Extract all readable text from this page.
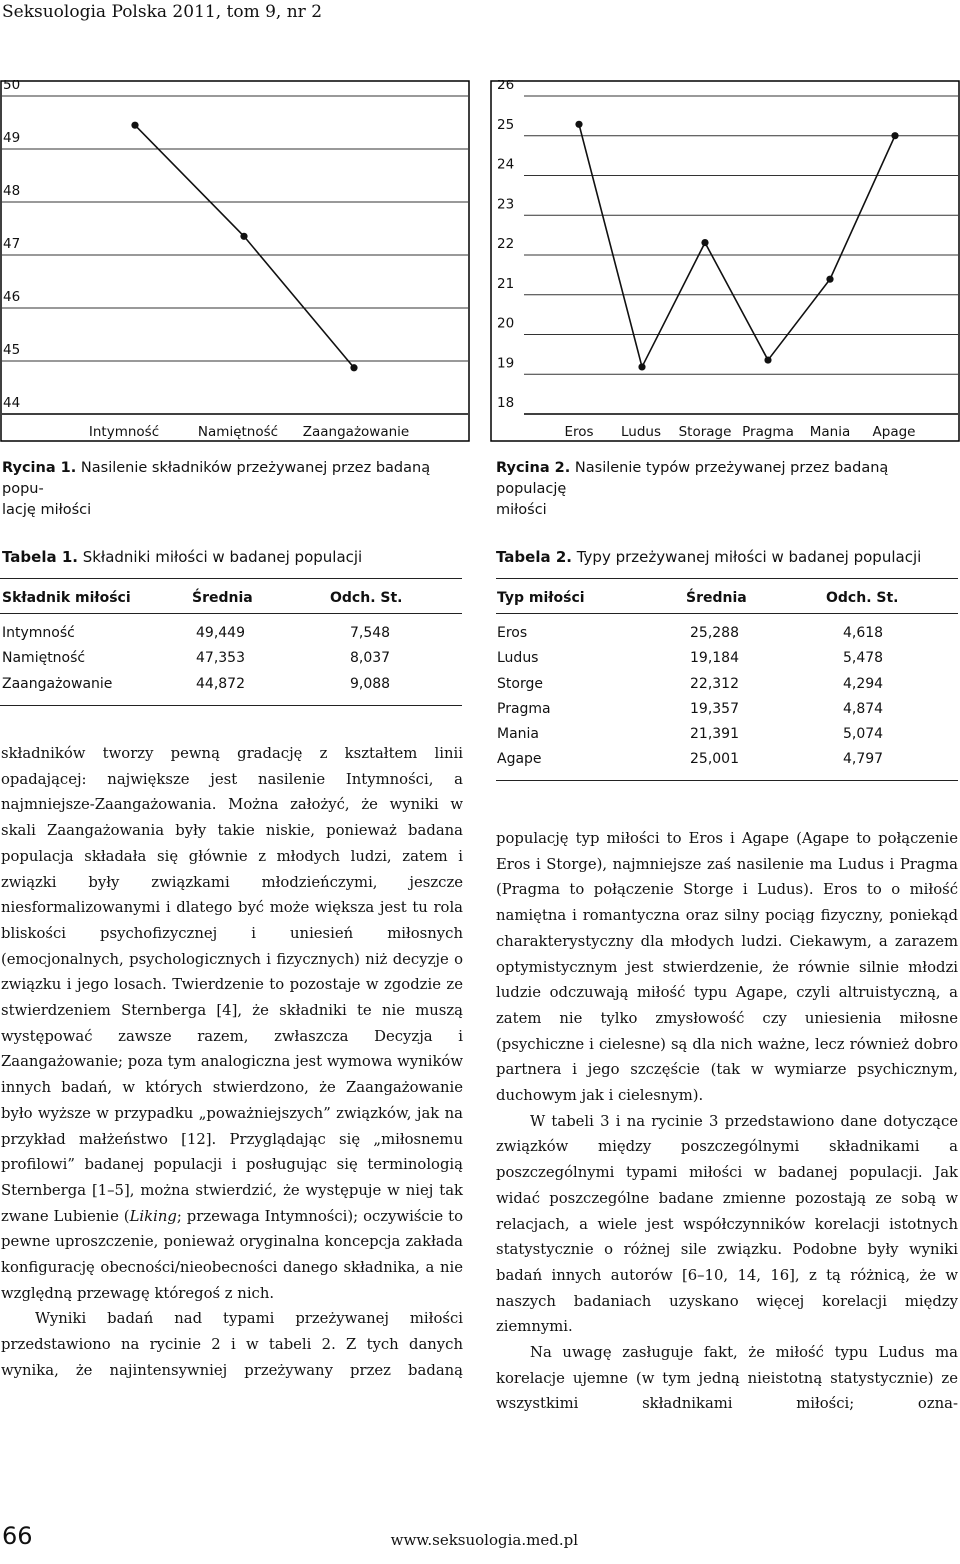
Seksuologia Polska 2011, tom 9, nr 2
44
45
46
47
48
49
50
Intymność	Namiętność Zaangażowanie
18
19
20
21
22
23
24
25
26
Eros Ludus Storage Pragma Mania Apage
Rycina 1. Nasilenie składników przeżywanej przez badaną popu-
lację miłości
Rycina 2. Nasilenie typów przeżywanej przez badaną populację
miłości
Tabela 1. Składniki miłości w badanej populacji
Składnik miłości	Średnia	Odch. St.
Intymność	49,449	7,548
Namiętność	47,353	8,037
Zaangażowanie	44,872	9,088
Tabela 2. Typy przeżywanej miłości w badanej populacji
Typ miłości	Średnia	Odch. St.
Eros	25,288	4,618
Ludus	19,184	5,478
Storge	22,312	4,294
Pragma	19,357	4,874
Mania	21,391	5,074
Agape	25,001	4,797

składników tworzy pewną gradację z kształtem linii opadającej: największe jest nasilenie Intymności, a najmniejsze-Zaangażowania. Można założyć, że wyniki w skali Zaangażowania były takie niskie, ponieważ badana populacja składała się głównie z młodych ludzi, zatem i związki były związkami młodzieńczymi, jeszcze niesformalizowanymi i dlatego być może większa jest tu rola bliskości psychofizycznej i uniesień miłosnych (emocjonalnych, psychologicznych i fizycznych) niż decyzje o związku i jego losach. Twierdzenie to pozostaje w zgodzie ze stwierdzeniem Sternberga [4], że składniki te nie muszą występować zawsze razem, zwłaszcza Decyzja i Zaangażowanie; poza tym analogiczna jest wymowa wyników innych badań, w których stwierdzono, że Zaangażowanie było wyższe w przypadku „poważniejszych” związków, jak na przykład małżeństwo [12]. Przyglądając się „miłosnemu profilowi” badanej populacji i posługując się terminologią Sternberga [1–5], można stwierdzić, że występuje w niej tak zwane Lubienie (Liking; przewaga Intymności); oczywiście to pewne uproszczenie, ponieważ oryginalna koncepcja zakłada konfigurację obecności/nieobecności danego składnika, a nie względną przewagę któregoś z nich.

Wyniki badań nad typami przeżywanej miłości przedstawiono na rycinie 2 i w tabeli 2. Z tych danych wynika, że najintensywniej przeżywany przez badaną

populację typ miłości to Eros i Agape (Agape to połączenie Eros i Storge), najmniejsze zaś nasilenie ma Ludus i Pragma (Pragma to połączenie Storge i Ludus). Eros to o miłość namiętna i romantyczna oraz silny pociąg fizyczny, poniekąd charakterystyczny dla młodych ludzi. Ciekawym, a zarazem optymistycznym jest stwierdzenie, że równie silnie młodzi ludzie odczuwają miłość typu Agape, czyli altruistyczną, a zatem nie tylko zmysłowość czy uniesienia miłosne (psychiczne i cielesne) są dla nich ważne, lecz również dobro partnera i jego szczęście (tak w wymiarze psychicznym, duchowym jak i cielesnym).

W tabeli 3 i na rycinie 3 przedstawiono dane dotyczące związków między poszczególnymi składnikami a poszczególnymi typami miłości w badanej populacji. Jak widać poszczególne badane zmienne pozostają ze sobą w relacjach, a wiele jest współczynników korelacji istotnych statystycznie o różnej sile związku. Podobne były wyniki badań innych autorów [6–10, 14, 16], z tą różnicą, że w naszych badaniach uzyskano więcej korelacji między ziemnymi.

Na uwagę zasługuje fakt, że miłość typu Ludus ma korelacje ujemne (w tym jedną nieistotną statystycznie) ze wszystkimi składnikami miłości; ozna-

66	www.seksuologia.med.pl
